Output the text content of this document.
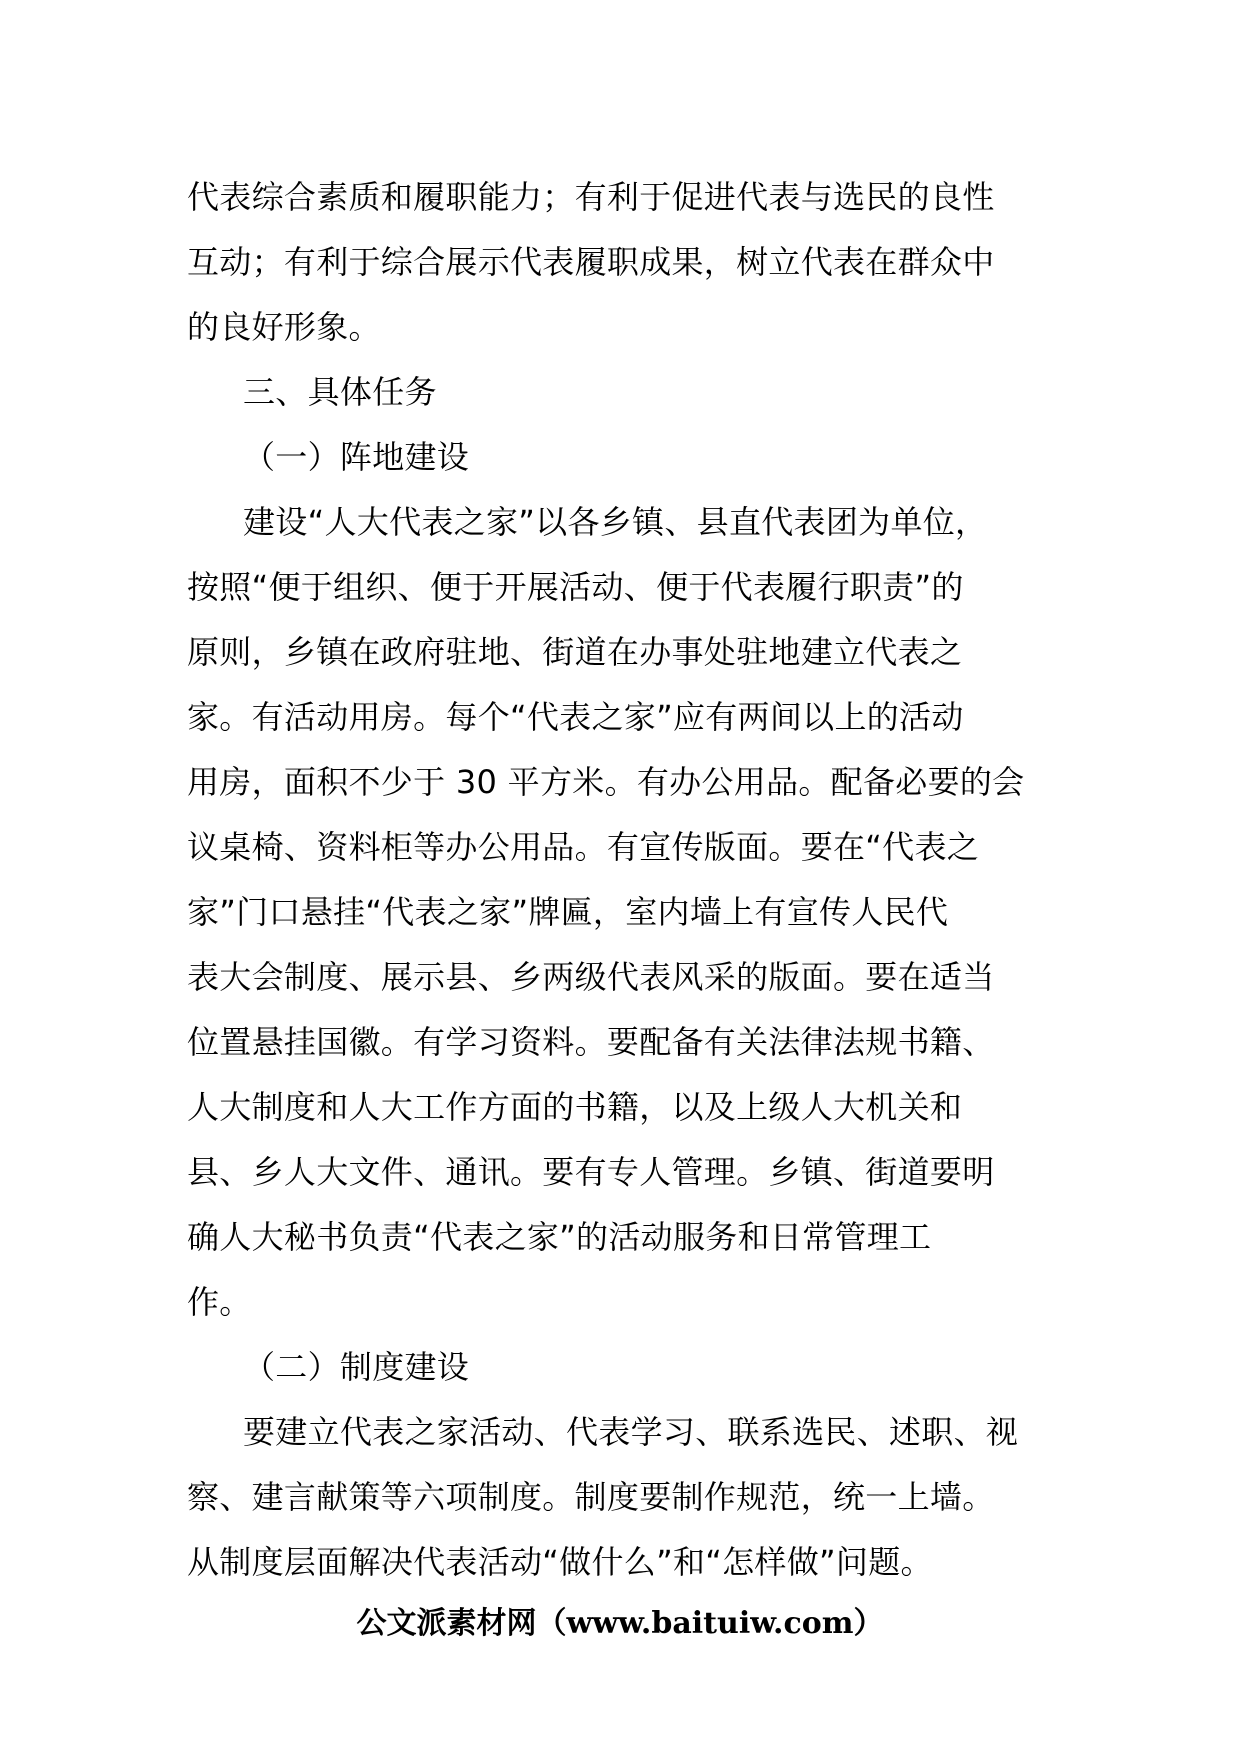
代表综合素质和履职能力；有利于促进代表与选民的良性
互动；有利于综合展示代表履职成果，树立代表在群众中
的良好形象。
三、具体任务
（一）阵地建设
建设“人大代表之家”以各乡镇、县直代表团为单位，
按照“便于组织、便于开展活动、便于代表履行职责”的
原则，乡镇在政府驻地、街道在办事处驻地建立代表之
家。有活动用房。每个“代表之家”应有两间以上的活动
用房，面积不少于 30 平方米。有办公用品。配备必要的会
议桌椅、资料柜等办公用品。有宣传版面。要在“代表之
家”门口悬挂“代表之家”牌匾，室内墙上有宣传人民代
表大会制度、展示县、乡两级代表风采的版面。要在适当
位置悬挂国徽。有学习资料。要配备有关法律法规书籍、
人大制度和人大工作方面的书籍，以及上级人大机关和
县、乡人大文件、通讯。要有专人管理。乡镇、街道要明
确人大秘书负责“代表之家”的活动服务和日常管理工
作。
（二）制度建设
要建立代表之家活动、代表学习、联系选民、述职、视
察、建言献策等六项制度。制度要制作规范，统一上墙。
从制度层面解决代表活动“做什么”和“怎样做”问题。
公文派素材网（www.baituiw.com）
